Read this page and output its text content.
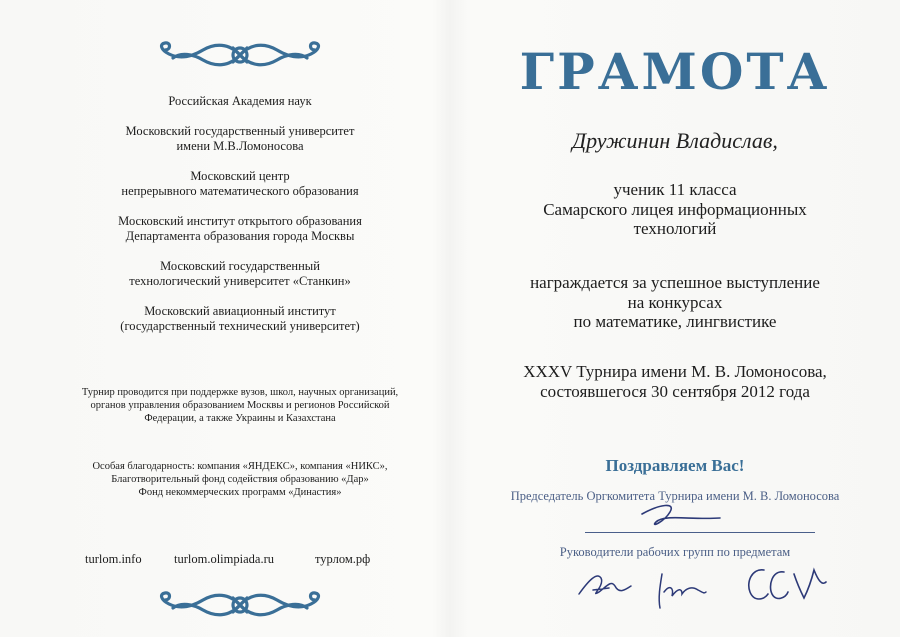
Российская Академия наук
Московский государственный университет
имени М.В.Ломоносова
Московский центр
непрерывного математического образования
Московский институт открытого образования
Департамента образования города Москвы
Московский государственный
технологический университет «Станкин»
Московский авиационный институт
(государственный технический университет)
Турнир проводится при поддержке вузов, школ, научных организаций,
органов управления образованием Москвы и регионов Российской
Федерации, а также Украины и Казахстана
Особая благодарность: компания «ЯНДЕКС», компания «НИКС»,
Благотворительный фонд содействия образованию «Дар»
Фонд некоммерческих программ «Династия»
turlom.info	turlom.olimpiada.ru	турлом.рф
ГРАМОТА
Дружинин Владислав,
ученик 11 класса
Самарского лицея информационных
технологий
награждается за успешное выступление
на конкурсах
по математике, лингвистике
XXXV Турнира имени М. В. Ломоносова,
состоявшегося 30 сентября 2012 года
Поздравляем Вас!
Председатель Оргкомитета Турнира имени М. В. Ломоносова
Руководители рабочих групп по предметам
